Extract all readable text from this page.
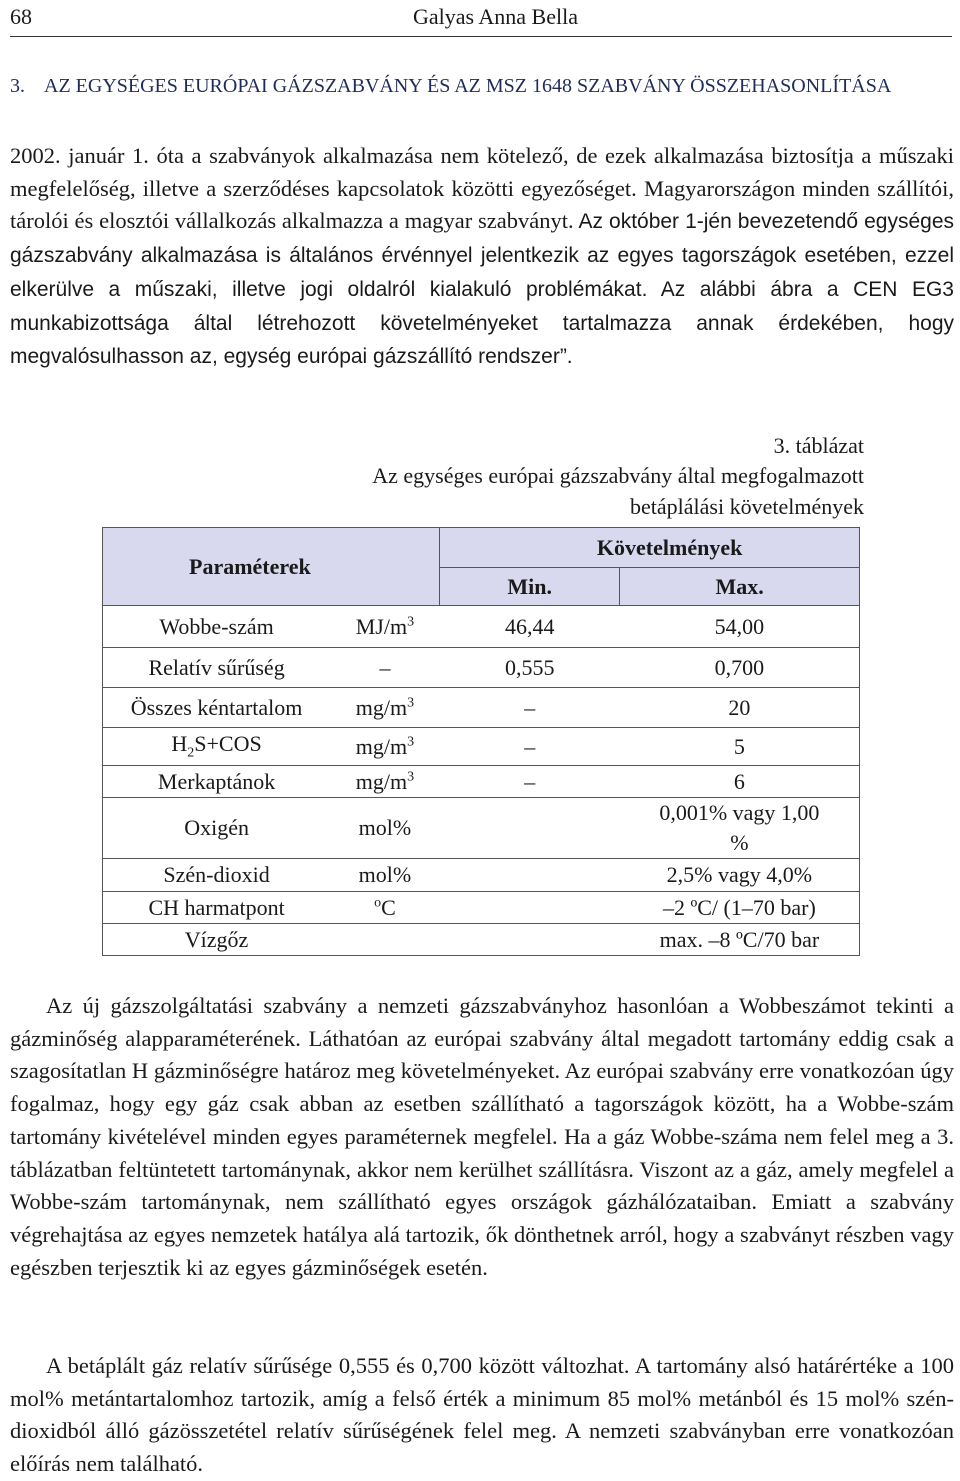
68	Galyas Anna Bella
3. AZ EGYSÉGES EURÓPAI GÁZSZABVÁNY ÉS AZ MSZ 1648 SZABVÁNY ÖSSZEHASONLÍTÁSA

2002. január 1. óta a szabványok alkalmazása nem kötelező, de ezek alkalmazása biztosítja a műszaki megfelelőség, illetve a szerződéses kapcsolatok közötti egyezőséget. Magyarországon minden szállítói, tárolói és elosztói vállalkozás alkalmazza a magyar szabványt. Az október 1-jén bevezetendő egységes gázszabvány alkalmazása is általános érvénnyel jelentkezik az egyes tagországok esetében, ezzel elkerülve a műszaki, illetve jogi oldalról kialakuló problémákat. Az alábbi ábra a CEN EG3 munkabizottsága által létrehozott követelményeket tartalmazza annak érdekében, hogy megvalósulhasson az, egység európai gázszállító rendszer”.

3. táblázat
Az egységes európai gázszabvány által megfogalmazott
betáplálási követelmények
Paraméterek		Követelmények	
		Min.	Max.
Wobbe-szám	$MJ/m^3$	46,44	54,00
Relatív sűrűség	–	0,555	0,700
Összes kéntartalom	$mg/m^3$	–	20
$H_2S+COS$	$mg/m^3$	–	5
Merkaptánok	$mg/m^3$	–	6
Oxigén	mol%		0,001% vagy 1,00
%
Szén-dioxid	mol%		2,5% vagy 4,0%
CH harmatpont	$^o$C		–2 ºC/ (1–70 bar)
Vízgőz			max. –8 ºC/70 bar

Az új gázszolgáltatási szabvány a nemzeti gázszabványhoz hasonlóan a Wobbeszámot tekinti a gázminőség alapparaméterének. Láthatóan az európai szabvány által megadott tartomány eddig csak a szagosítatlan H gázminőségre határoz meg követelményeket. Az európai szabvány erre vonatkozóan úgy fogalmaz, hogy egy gáz csak abban az esetben szállítható a tagországok között, ha a Wobbe-szám tartomány kivételével minden egyes paraméternek megfelel. Ha a gáz Wobbe-száma nem felel meg a 3. táblázatban feltüntetett tartománynak, akkor nem kerülhet szállításra. Viszont az a gáz, amely megfelel a Wobbe-szám tartománynak, nem szállítható egyes országok gázhálózataiban. Emiatt a szabvány végrehajtása az egyes nemzetek hatálya alá tartozik, ők dönthetnek arról, hogy a szabványt részben vagy egészben terjesztik ki az egyes gázminőségek esetén.

A betáplált gáz relatív sűrűsége 0,555 és 0,700 között változhat. A tartomány alsó határértéke a 100 mol% metántartalomhoz tartozik, amíg a felső érték a minimum 85 mol% metánból és 15 mol% szén-dioxidból álló gázösszetétel relatív sűrűségének felel meg. A nemzeti szabványban erre vonatkozóan előírás nem található.
